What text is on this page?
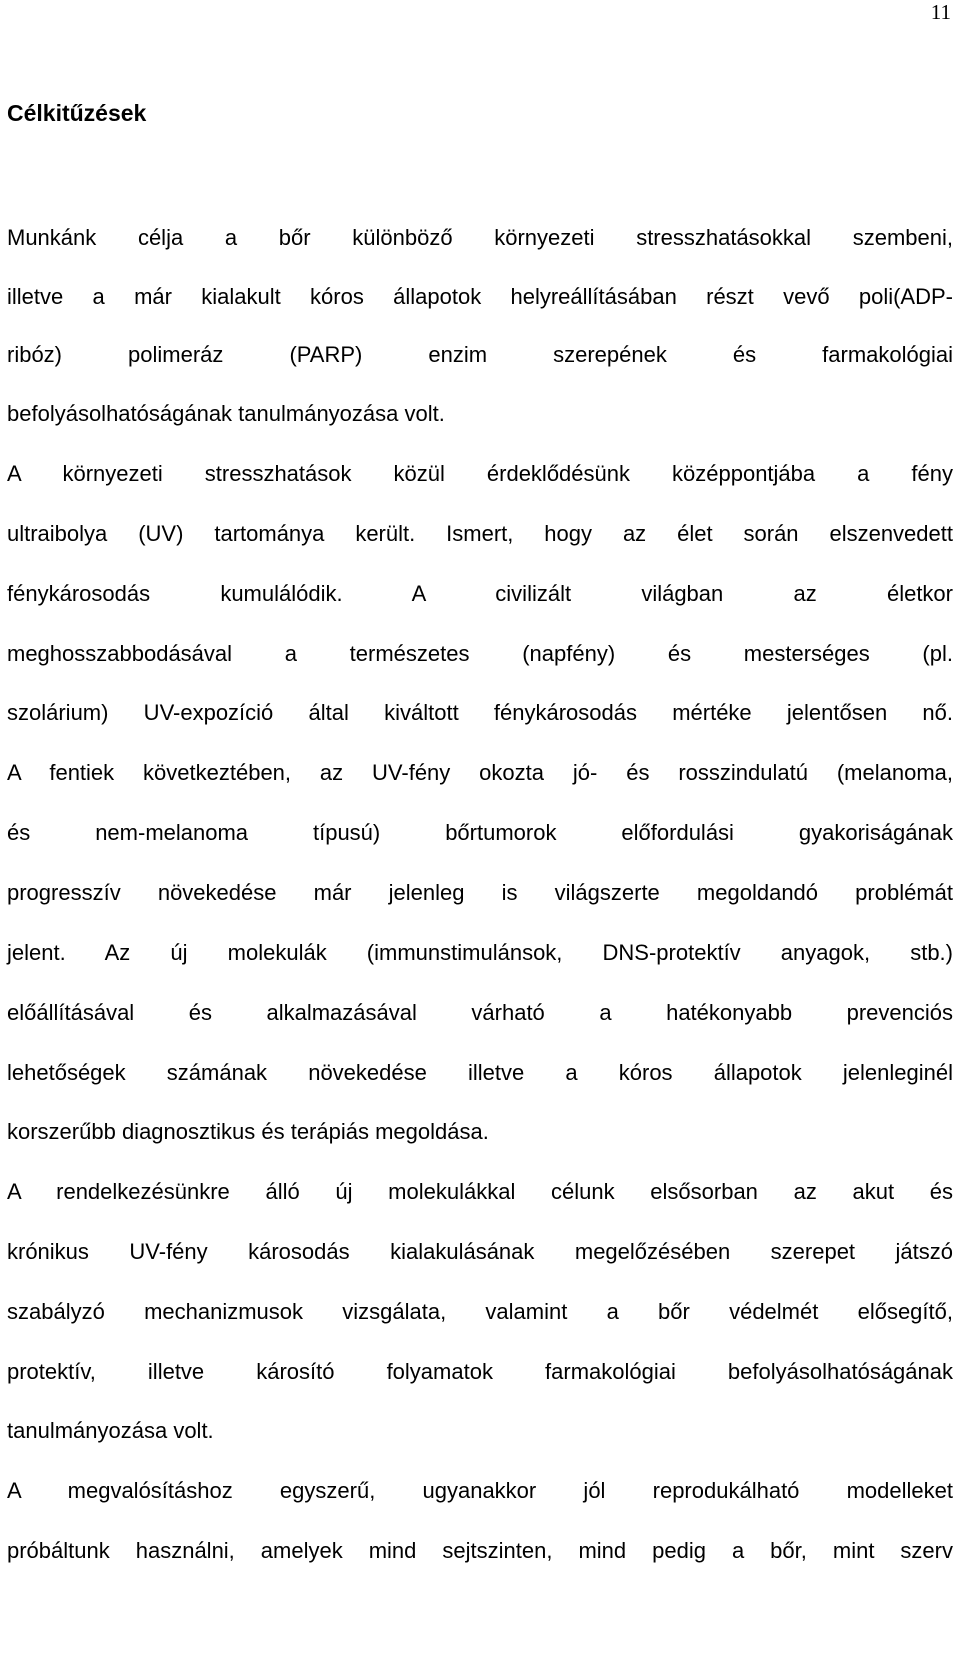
11
Célkitűzések

Munkánk célja a bőr különböző környezeti stresszhatásokkal szembeni,

illetve a már kialakult kóros állapotok helyreállításában részt vevő poli(ADP-

ribóz) polimeráz (PARP) enzim szerepének és farmakológiai

befolyásolhatóságának tanulmányozása volt.

A környezeti stresszhatások közül érdeklődésünk középpontjába a fény

ultraibolya (UV) tartománya került. Ismert, hogy az élet során elszenvedett

fénykárosodás kumulálódik. A civilizált világban az életkor

meghosszabbodásával a természetes (napfény) és mesterséges (pl.

szolárium) UV-expozíció által kiváltott fénykárosodás mértéke jelentősen nő.

A fentiek következtében, az UV-fény okozta jó- és rosszindulatú (melanoma,

és nem-melanoma típusú) bőrtumorok előfordulási gyakoriságának

progresszív növekedése már jelenleg is világszerte megoldandó problémát

jelent. Az új molekulák (immunstimulánsok, DNS-protektív anyagok, stb.)

előállításával és alkalmazásával várható a hatékonyabb prevenciós

lehetőségek számának növekedése illetve a kóros állapotok jelenleginél

korszerűbb diagnosztikus és terápiás megoldása.

A rendelkezésünkre álló új molekulákkal célunk elsősorban az akut és

krónikus UV-fény károsodás kialakulásának megelőzésében szerepet játszó

szabályzó mechanizmusok vizsgálata, valamint a bőr védelmét elősegítő,

protektív, illetve károsító folyamatok farmakológiai befolyásolhatóságának

tanulmányozása volt.

A megvalósításhoz egyszerű, ugyanakkor jól reprodukálható modelleket

próbáltunk használni, amelyek mind sejtszinten, mind pedig a bőr, mint szerv
